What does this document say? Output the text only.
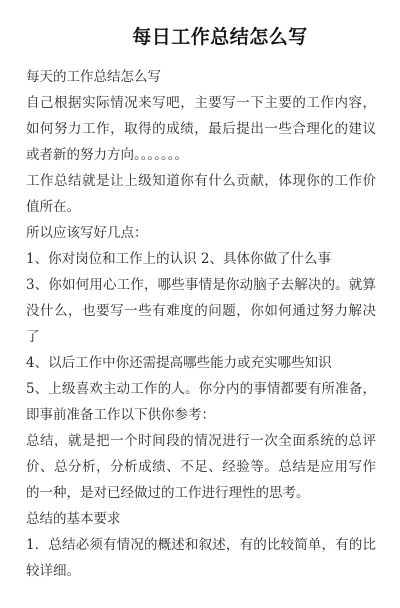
每日工作总结怎么写

每天的工作总结怎么写

自己根据实际情况来写吧，主要写一下主要的工作内容，如何努力工作，取得的成绩，最后提出一些合理化的建议或者新的努力方向。。。。。。。

工作总结就是让上级知道你有什么贡献，体现你的工作价值所在。

所以应该写好几点：

1、你对岗位和工作上的认识 2、具体你做了什么事

3、你如何用心工作，哪些事情是你动脑子去解决的。就算没什么，也要写一些有难度的问题，你如何通过努力解决了

4、以后工作中你还需提高哪些能力或充实哪些知识

5、上级喜欢主动工作的人。你分内的事情都要有所准备，即事前准备工作以下供你参考：

总结，就是把一个时间段的情况进行一次全面系统的总评价、总分析，分析成绩、不足、经验等。总结是应用写作的一种，是对已经做过的工作进行理性的思考。

总结的基本要求

1．总结必须有情况的概述和叙述，有的比较简单，有的比较详细。
